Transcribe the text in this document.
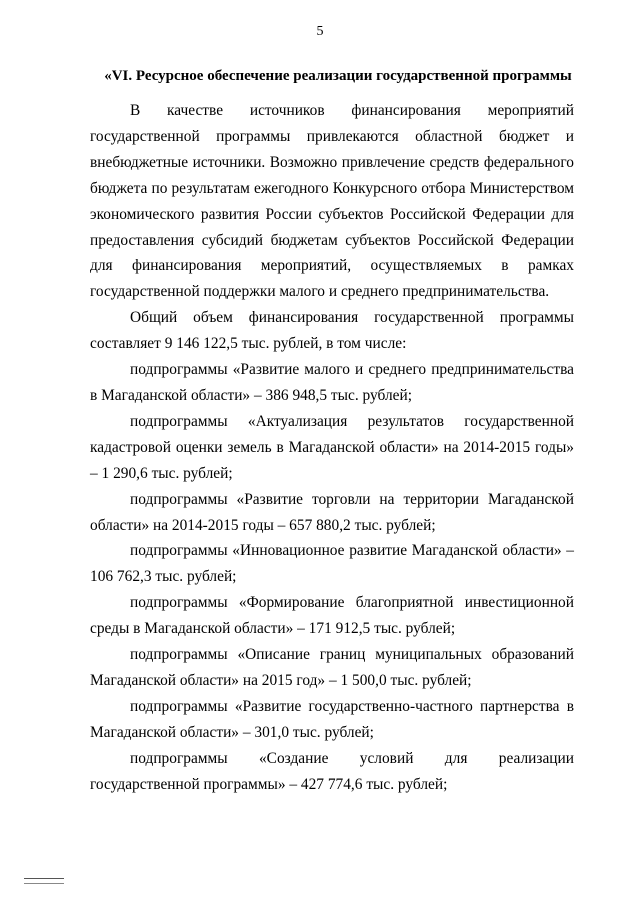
5
«VI. Ресурсное обеспечение реализации государственной программы

В качестве источников финансирования мероприятий государственной программы привлекаются областной бюджет и внебюджетные источники. Возможно привлечение средств федерального бюджета по результатам ежегодного Конкурсного отбора Министерством экономического развития России субъектов Российской Федерации для предоставления субсидий бюджетам субъектов Российской Федерации для финансирования мероприятий, осуществляемых в рамках государственной поддержки малого и среднего предпринимательства.

Общий объем финансирования государственной программы составляет 9 146 122,5 тыс. рублей, в том числе:

подпрограммы «Развитие малого и среднего предпринимательства в Магаданской области» – 386 948,5 тыс. рублей;

подпрограммы «Актуализация результатов государственной кадастровой оценки земель в Магаданской области» на 2014-2015 годы» – 1 290,6 тыс. рублей;

подпрограммы «Развитие торговли на территории Магаданской области» на 2014-2015 годы – 657 880,2 тыс. рублей;

подпрограммы «Инновационное развитие Магаданской области» – 106 762,3 тыс. рублей;

подпрограммы «Формирование благоприятной инвестиционной среды в Магаданской области» – 171 912,5 тыс. рублей;

подпрограммы «Описание границ муниципальных образований Магаданской области» на 2015 год» – 1 500,0 тыс. рублей;

подпрограммы «Развитие государственно-частного партнерства в Магаданской области» – 301,0 тыс. рублей;

подпрограммы «Создание условий для реализации государственной программы» – 427 774,6 тыс. рублей;
